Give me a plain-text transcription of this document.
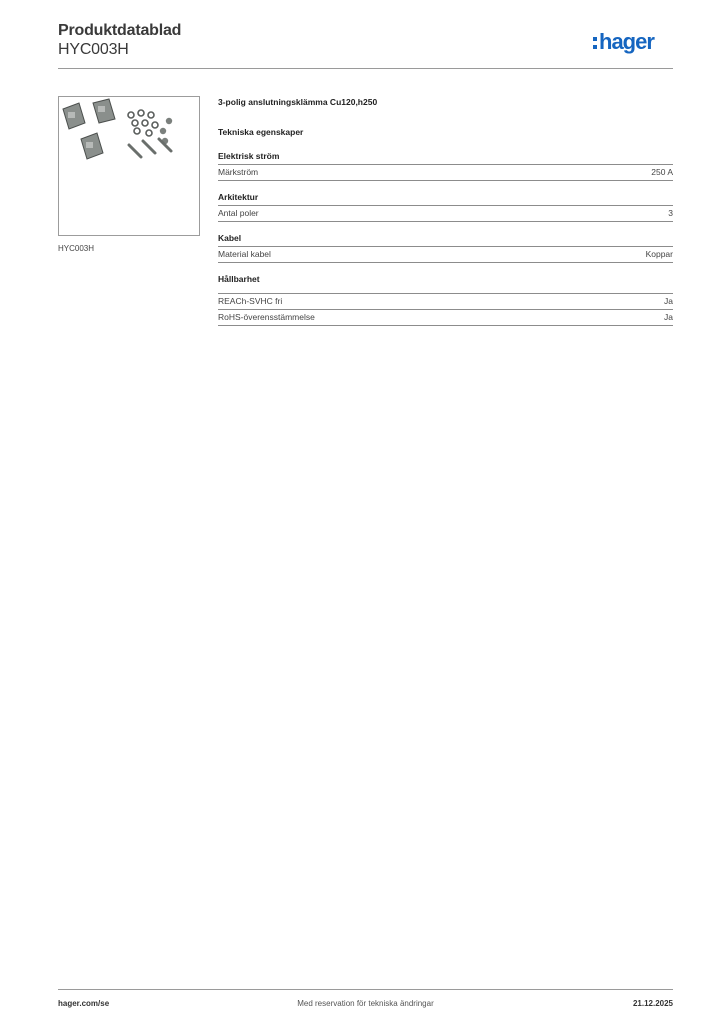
Produktdatablad
HYC003H	hager
HYC003H
3-polig anslutningsklämma Cu120,h250
Tekniska egenskaper
Elektrisk ström
Märkström	250 A
Arkitektur
Antal poler	3
Kabel
Material kabel	Koppar
Hållbarhet
REACh-SVHC fri	Ja
RoHS-överensstämmelse	Ja
hager.com/se	Med reservation för tekniska ändringar	21.12.2025
